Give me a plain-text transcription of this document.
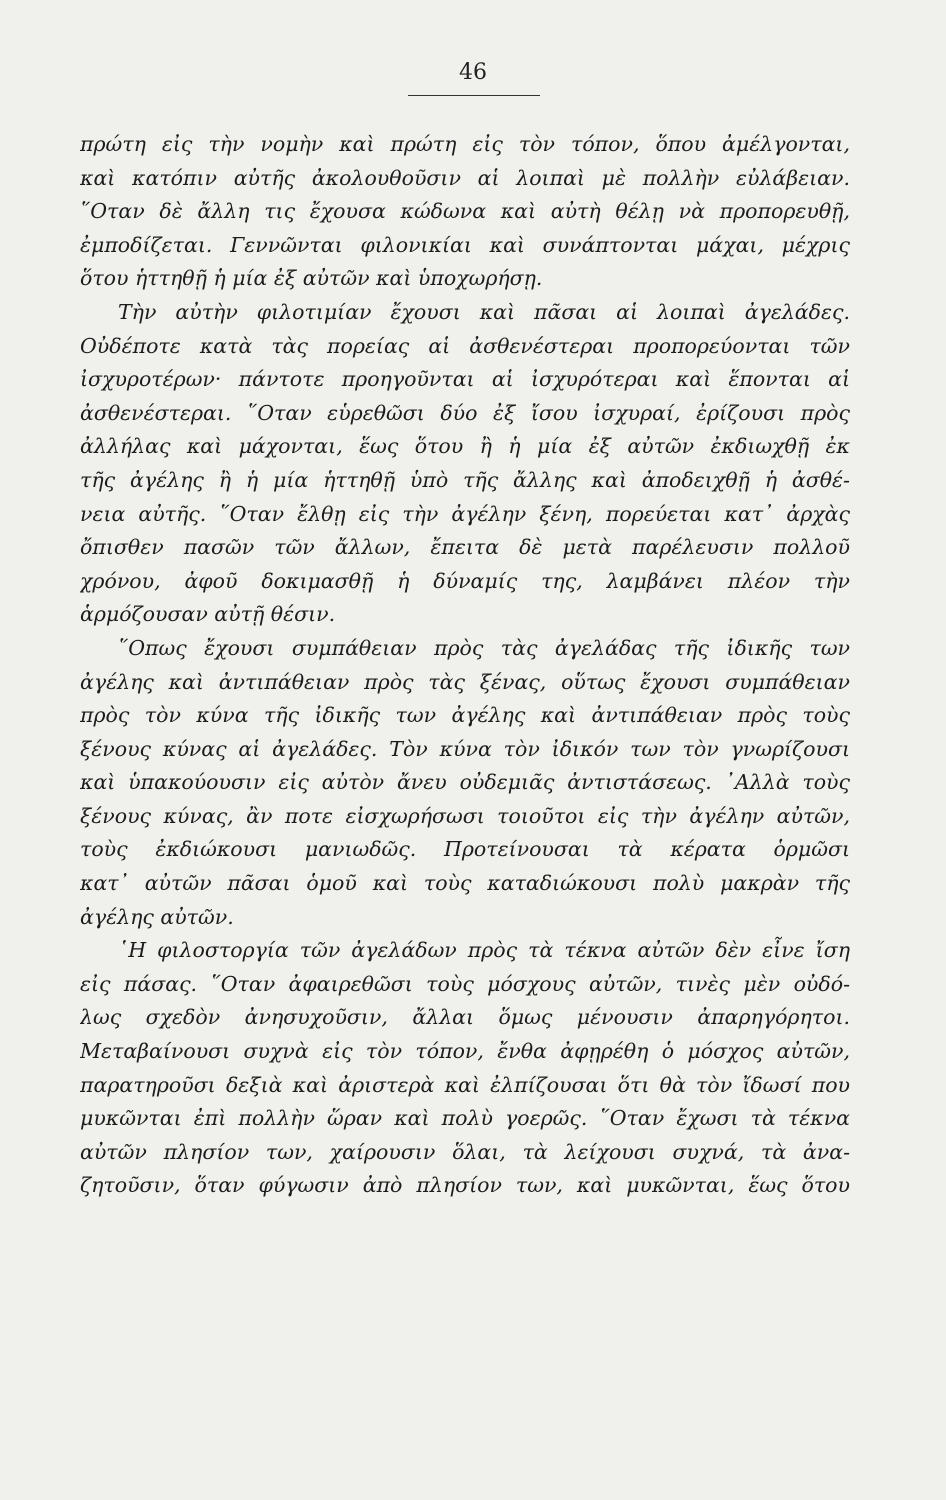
46
πρώτη εἰς τὴν νομὴν καὶ πρώτη εἰς τὸν τόπον, ὅπου ἀμέλγονται,
καὶ κατόπιν αὐτῆς ἀκολουθοῦσιν αἱ λοιπαὶ μὲ πολλὴν εὐλάβειαν.
῞Οταν δὲ ἄλλη τις ἔχουσα κώδωνα καὶ αὐτὴ θέλῃ νὰ προπορευθῇ,
ἐμποδίζεται. Γεννῶνται φιλονικίαι καὶ συνάπτονται μάχαι, μέχρις
ὅτου ἡττηθῇ ἡ μία ἐξ αὐτῶν καὶ ὑποχωρήσῃ.
Τὴν αὐτὴν φιλοτιμίαν ἔχουσι καὶ πᾶσαι αἱ λοιπαὶ ἀγελάδες.
Οὐδέποτε κατὰ τὰς πορείας αἱ ἀσθενέστεραι προπορεύονται τῶν
ἰσχυροτέρων· πάντοτε προηγοῦνται αἱ ἰσχυρότεραι καὶ ἕπονται αἱ
ἀσθενέστεραι. ῞Οταν εὑρεθῶσι δύο ἐξ ἴσου ἰσχυραί, ἐρίζουσι πρὸς
ἀλλήλας καὶ μάχονται, ἕως ὅτου ἢ ἡ μία ἐξ αὐτῶν ἐκδιωχθῇ ἐκ
τῆς ἀγέλης ἢ ἡ μία ἡττηθῇ ὑπὸ τῆς ἄλλης καὶ ἀποδειχθῇ ἡ ἀσθέ-
νεια αὐτῆς. ῞Οταν ἔλθῃ εἰς τὴν ἀγέλην ξένη, πορεύεται κατ᾿ ἀρχὰς
ὄπισθεν πασῶν τῶν ἄλλων, ἔπειτα δὲ μετὰ παρέλευσιν πολλοῦ
χρόνου, ἀφοῦ δοκιμασθῇ ἡ δύναμίς της, λαμβάνει πλέον τὴν
ἁρμόζουσαν αὐτῇ θέσιν.
῞Οπως ἔχουσι συμπάθειαν πρὸς τὰς ἀγελάδας τῆς ἰδικῆς των
ἀγέλης καὶ ἀντιπάθειαν πρὸς τὰς ξένας, οὕτως ἔχουσι συμπάθειαν
πρὸς τὸν κύνα τῆς ἰδικῆς των ἀγέλης καὶ ἀντιπάθειαν πρὸς τοὺς
ξένους κύνας αἱ ἀγελάδες. Τὸν κύνα τὸν ἰδικόν των τὸν γνωρίζουσι
καὶ ὑπακούουσιν εἰς αὐτὸν ἄνευ οὐδεμιᾶς ἀντιστάσεως. ᾿Αλλὰ τοὺς
ξένους κύνας, ἂν ποτε εἰσχωρήσωσι τοιοῦτοι εἰς τὴν ἀγέλην αὐτῶν,
τοὺς ἐκδιώκουσι μανιωδῶς. Προτείνουσαι τὰ κέρατα ὁρμῶσι
κατ᾿ αὐτῶν πᾶσαι ὁμοῦ καὶ τοὺς καταδιώκουσι πολὺ μακρὰν τῆς
ἀγέλης αὐτῶν.
῾Η φιλοστοργία τῶν ἀγελάδων πρὸς τὰ τέκνα αὐτῶν δὲν εἶνε ἴση
εἰς πάσας. ῞Οταν ἀφαιρεθῶσι τοὺς μόσχους αὐτῶν, τινὲς μὲν οὐδό-
λως σχεδὸν ἀνησυχοῦσιν, ἄλλαι ὅμως μένουσιν ἀπαρηγόρητοι.
Μεταβαίνουσι συχνὰ εἰς τὸν τόπον, ἔνθα ἀφῃρέθη ὁ μόσχος αὐτῶν,
παρατηροῦσι δεξιὰ καὶ ἀριστερὰ καὶ ἐλπίζουσαι ὅτι θὰ τὸν ἴδωσί που
μυκῶνται ἐπὶ πολλὴν ὥραν καὶ πολὺ γοερῶς. ῞Οταν ἔχωσι τὰ τέκνα
αὐτῶν πλησίον των, χαίρουσιν ὅλαι, τὰ λείχουσι συχνά, τὰ ἀνα-
ζητοῦσιν, ὅταν φύγωσιν ἀπὸ πλησίον των, καὶ μυκῶνται, ἕως ὅτου
